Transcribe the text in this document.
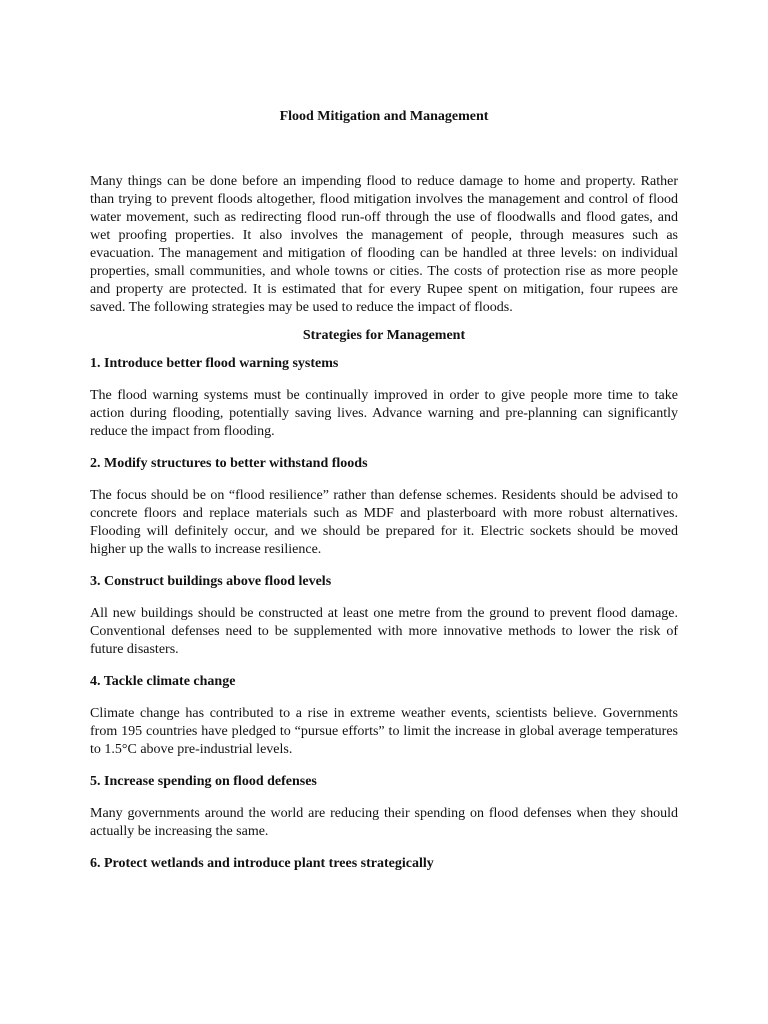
Flood Mitigation and Management

Many things can be done before an impending flood to reduce damage to home and property. Rather than trying to prevent floods altogether, flood mitigation involves the management and control of flood water movement, such as redirecting flood run-off through the use of floodwalls and flood gates, and wet proofing properties. It also involves the management of people, through measures such as evacuation. The management and mitigation of flooding can be handled at three levels: on individual properties, small communities, and whole towns or cities. The costs of protection rise as more people and property are protected. It is estimated that for every Rupee spent on mitigation, four rupees are saved. The following strategies may be used to reduce the impact of floods.

Strategies for Management
1. Introduce better flood warning systems

The flood warning systems must be continually improved in order to give people more time to take action during flooding, potentially saving lives. Advance warning and pre-planning can significantly reduce the impact from flooding.

2. Modify structures to better withstand floods

The focus should be on “flood resilience” rather than defense schemes. Residents should be advised to concrete floors and replace materials such as MDF and plasterboard with more robust alternatives. Flooding will definitely occur, and we should be prepared for it. Electric sockets should be moved higher up the walls to increase resilience.

3. Construct buildings above flood levels

All new buildings should be constructed at least one metre from the ground to prevent flood damage. Conventional defenses need to be supplemented with more innovative methods to lower the risk of future disasters.

4. Tackle climate change

Climate change has contributed to a rise in extreme weather events, scientists believe. Governments from 195 countries have pledged to “pursue efforts” to limit the increase in global average temperatures to 1.5°C above pre-industrial levels.

5. Increase spending on flood defenses

Many governments around the world are reducing their spending on flood defenses when they should actually be increasing the same.

6. Protect wetlands and introduce plant trees strategically
